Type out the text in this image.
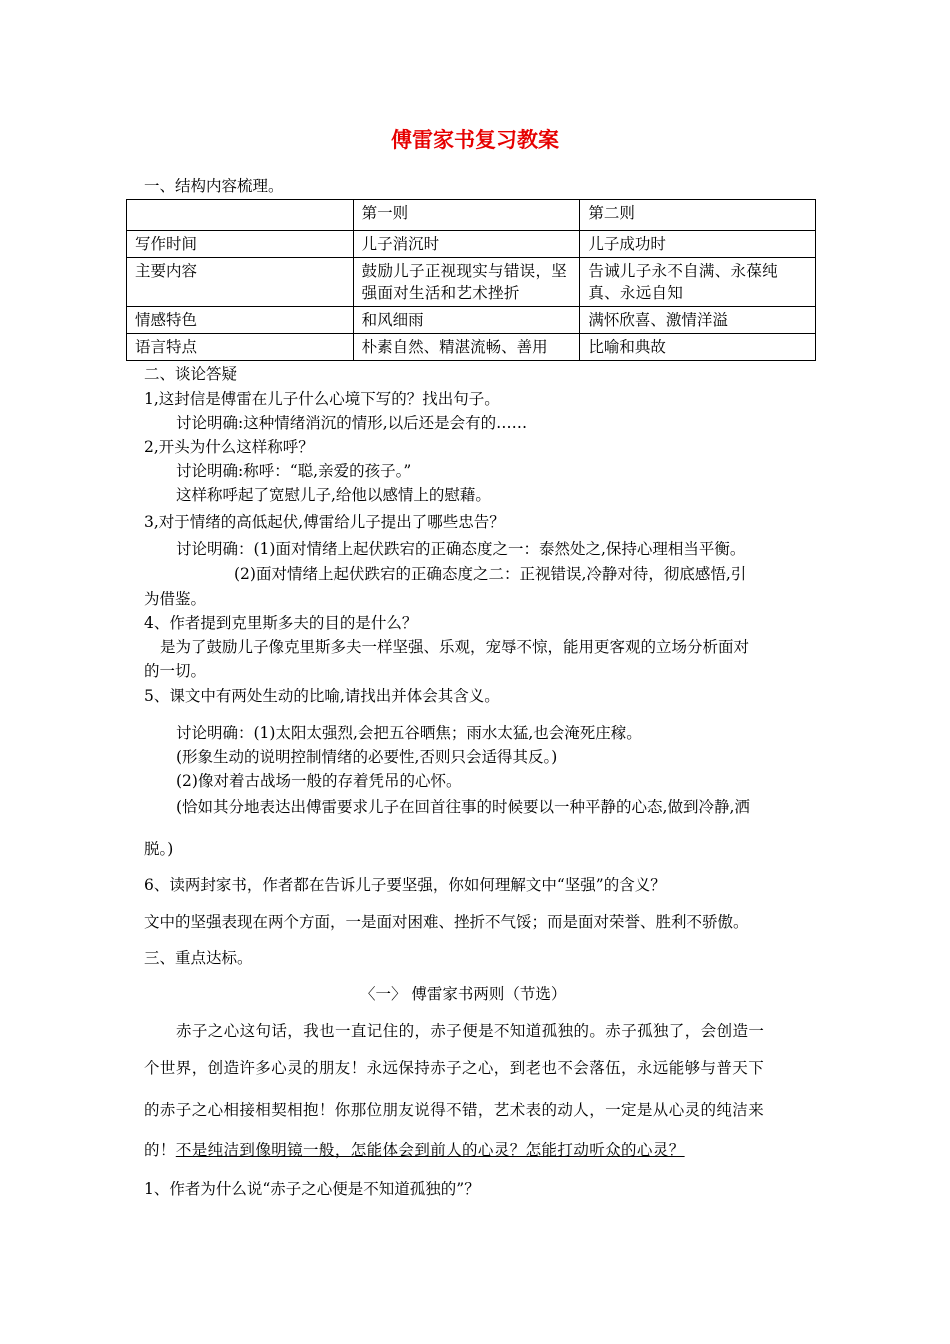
傅雷家书复习教案
一、结构内容梳理。
	第一则	第二则
写作时间	儿子消沉时	儿子成功时
主要内容	鼓励儿子正视现实与错误，坚强面对生活和艺术挫折	告诫儿子永不自满、永葆纯真、永远自知
情感特色	和风细雨	满怀欣喜、激情洋溢
语言特点	朴素自然、精湛流畅、善用	比喻和典故
二、谈论答疑
1,这封信是傅雷在儿子什么心境下写的？找出句子。
讨论明确:这种情绪消沉的情形,以后还是会有的……
2,开头为什么这样称呼？
讨论明确:称呼：“聪,亲爱的孩子。”
这样称呼起了宽慰儿子,给他以感情上的慰藉。
3,对于情绪的高低起伏,傅雷给儿子提出了哪些忠告？
讨论明确：(1)面对情绪上起伏跌宕的正确态度之一：泰然处之,保持心理相当平衡。
(2)面对情绪上起伏跌宕的正确态度之二：正视错误,冷静对待，彻底感悟,引
为借鉴。
4、作者提到克里斯多夫的目的是什么？
是为了鼓励儿子像克里斯多夫一样坚强、乐观，宠辱不惊，能用更客观的立场分析面对
的一切。
5、课文中有两处生动的比喻,请找出并体会其含义。
讨论明确：(1)太阳太强烈,会把五谷晒焦；雨水太猛,也会淹死庄稼。
(形象生动的说明控制情绪的必要性,否则只会适得其反。)
(2)像对着古战场一般的存着凭吊的心怀。
(恰如其分地表达出傅雷要求儿子在回首往事的时候要以一种平静的心态,做到冷静,洒
脱。)
6、读两封家书，作者都在告诉儿子要坚强，你如何理解文中“坚强”的含义？
文中的坚强表现在两个方面，一是面对困难、挫折不气馁；而是面对荣誉、胜利不骄傲。
三、重点达标。
〈一〉 傅雷家书两则（节选）
赤子之心这句话，我也一直记住的，赤子便是不知道孤独的。赤子孤独了，会创造一
个世界，创造许多心灵的朋友！永远保持赤子之心，到老也不会落伍，永远能够与普天下
的赤子之心相接相契相抱！你那位朋友说得不错，艺术表的动人，一定是从心灵的纯洁来
的！不是纯洁到像明镜一般，怎能体会到前人的心灵？怎能打动听众的心灵？
1、作者为什么说“赤子之心便是不知道孤独的”？
